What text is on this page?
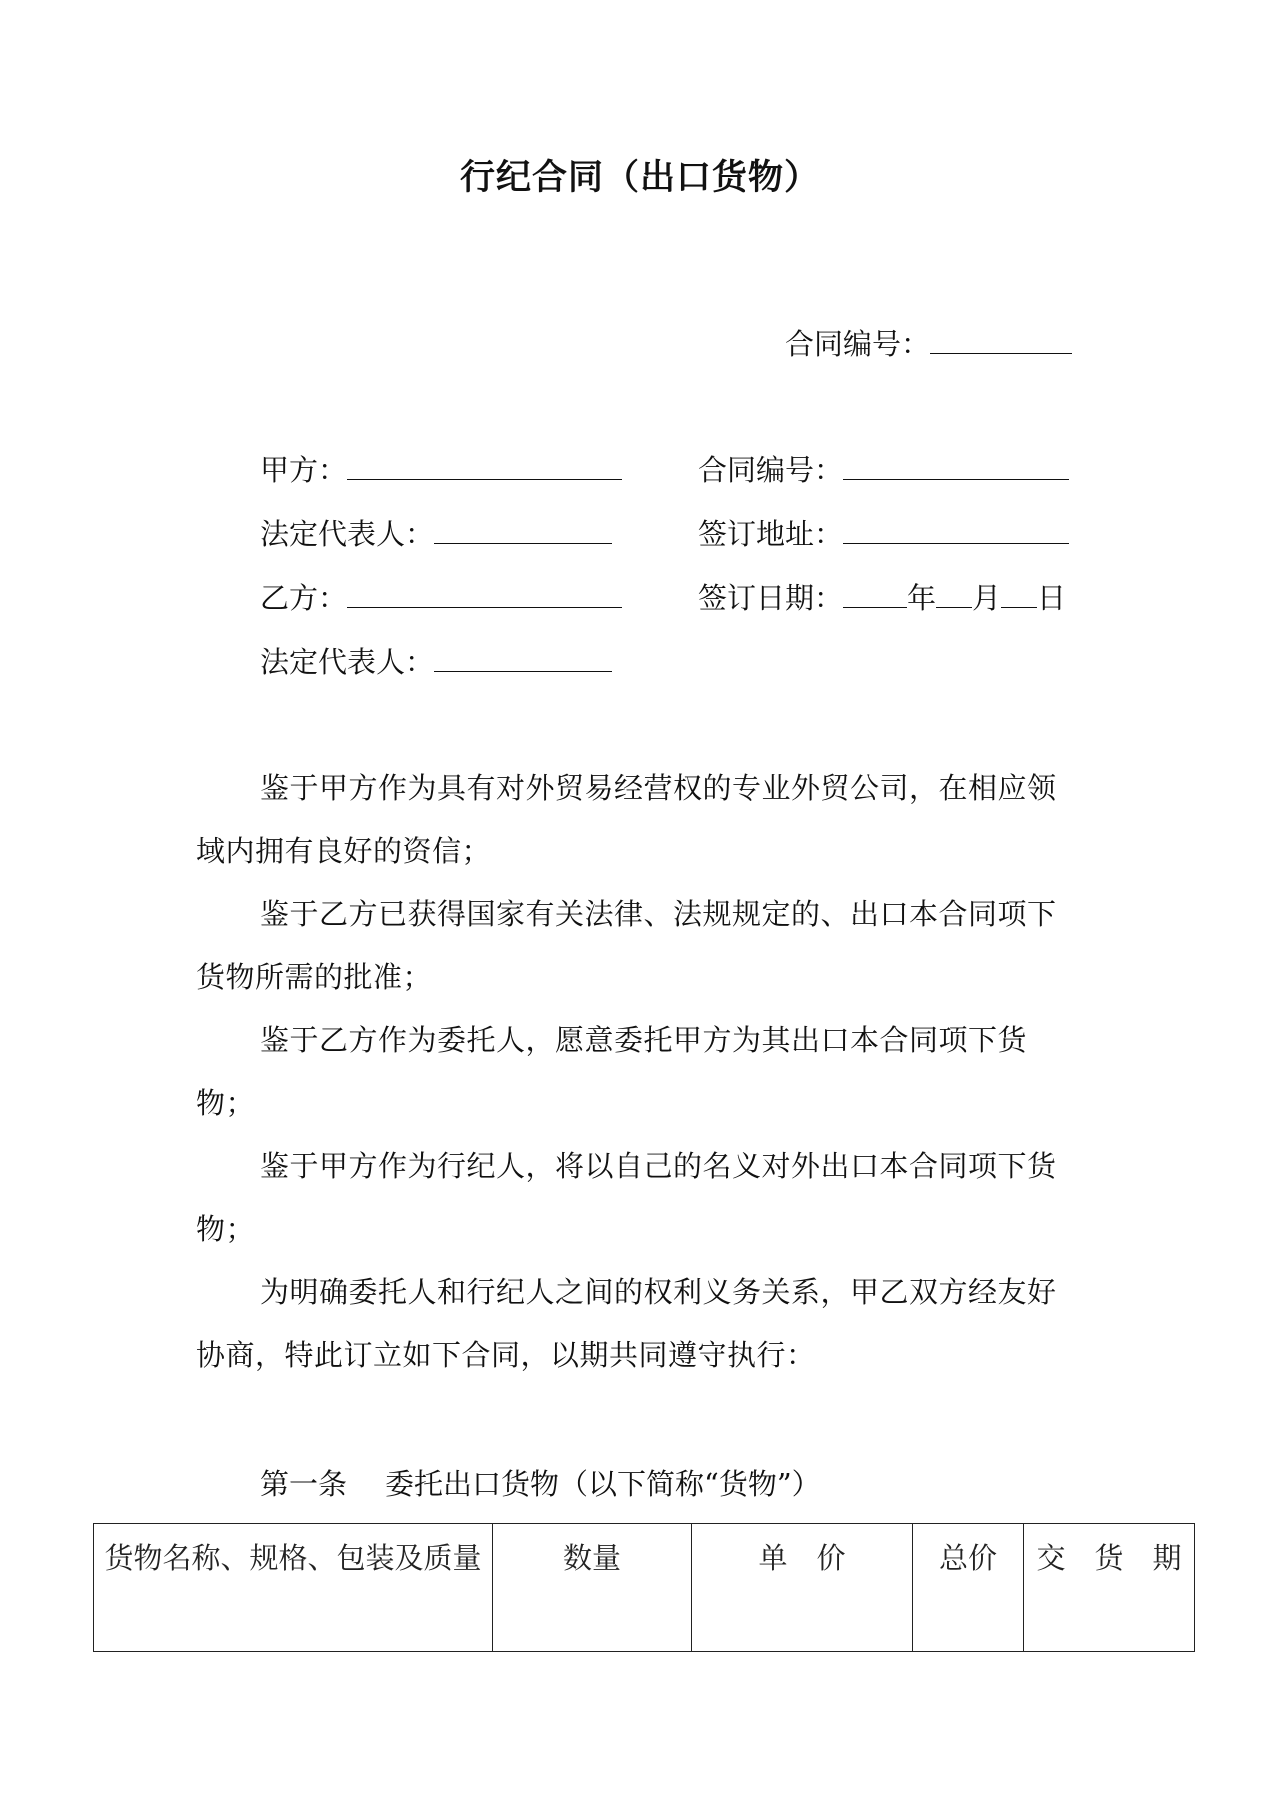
行纪合同（出口货物）
合同编号：
甲方：
法定代表人：
乙方：
法定代表人：
合同编号：
签订地址：
签订日期： 年 月 日
鉴于甲方作为具有对外贸易经营权的专业外贸公司，在相应领域内拥有良好的资信；
鉴于乙方已获得国家有关法律、法规规定的、出口本合同项下货物所需的批准；
鉴于乙方作为委托人，愿意委托甲方为其出口本合同项下货物；
鉴于甲方作为行纪人，将以自己的名义对外出口本合同项下货物；
为明确委托人和行纪人之间的权利义务关系，甲乙双方经友好协商，特此订立如下合同，以期共同遵守执行：
第一条 委托出口货物（以下简称“货物”）
货物名称、规格、包装及质量	数量	单　价	总价	交　货　期
